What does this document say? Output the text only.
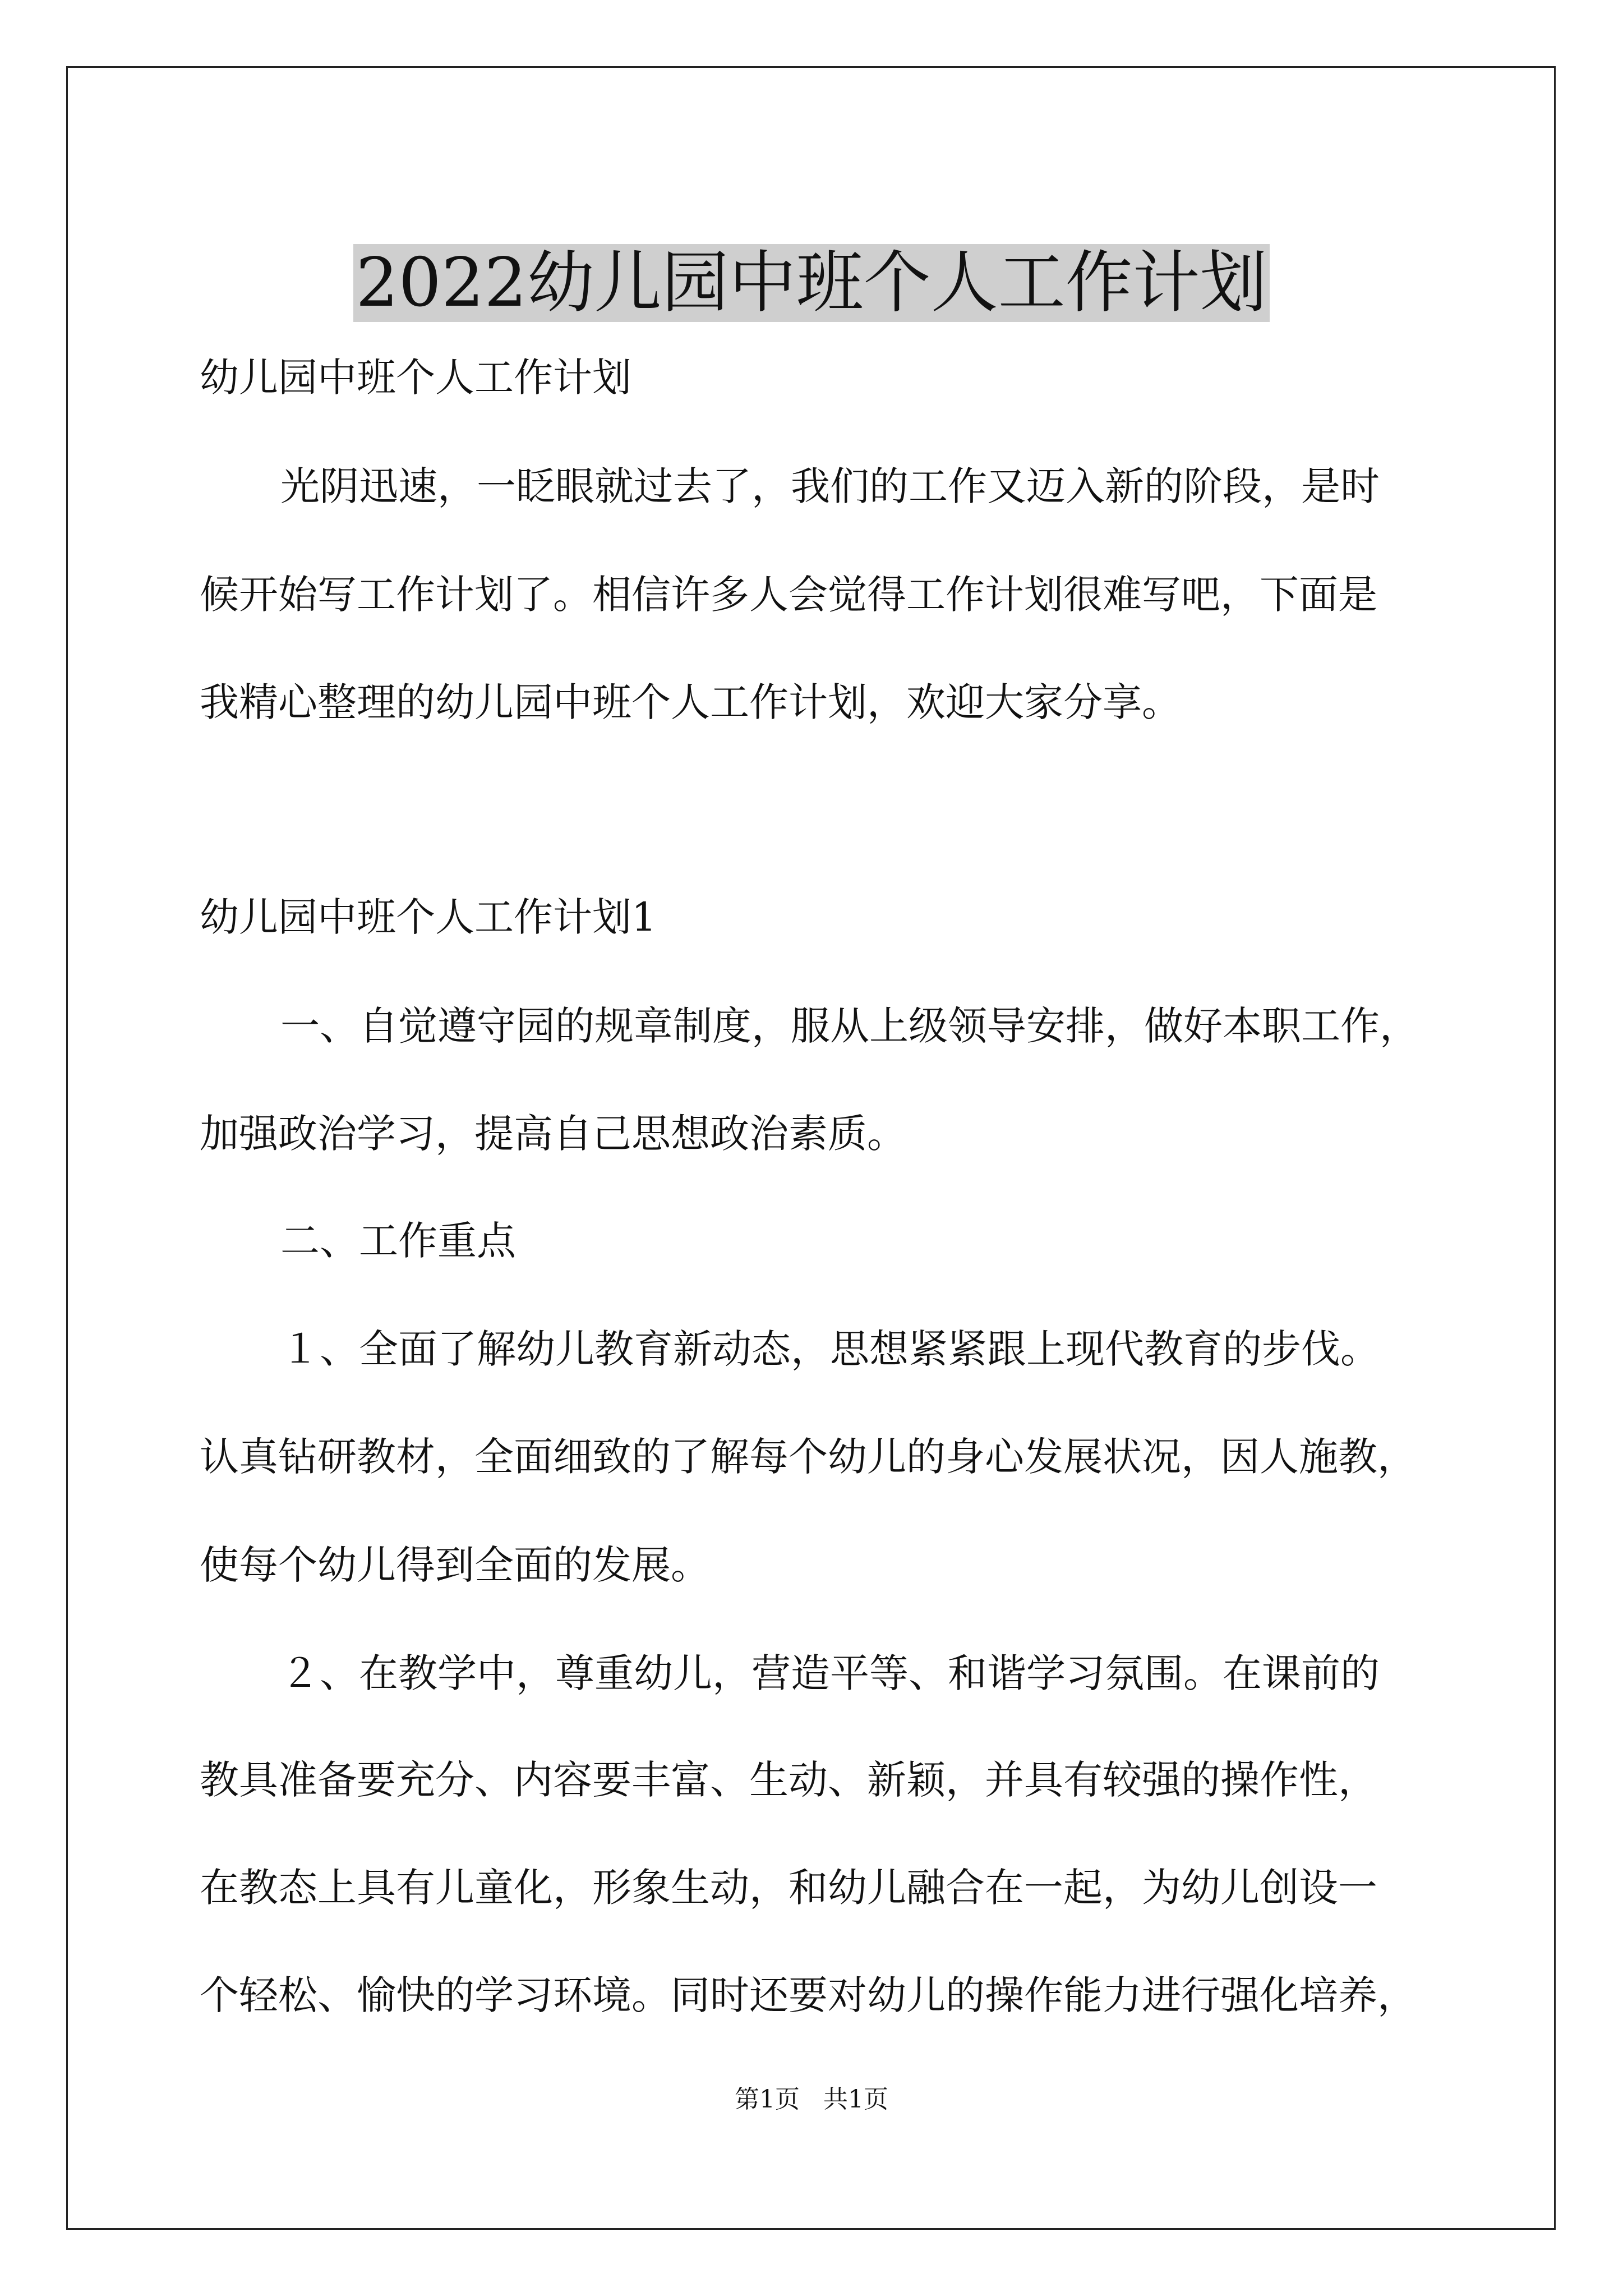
2022幼儿园中班个人工作计划
幼儿园中班个人工作计划
光阴迅速，一眨眼就过去了，我们的工作又迈入新的阶段，是时
候开始写工作计划了。相信许多人会觉得工作计划很难写吧，下面是
我精心整理的幼儿园中班个人工作计划，欢迎大家分享。
幼儿园中班个人工作计划1
一、自觉遵守园的规章制度，服从上级领导安排，做好本职工作，
加强政治学习，提高自己思想政治素质。
二、工作重点
１、全面了解幼儿教育新动态，思想紧紧跟上现代教育的步伐。
认真钻研教材，全面细致的了解每个幼儿的身心发展状况，因人施教，
使每个幼儿得到全面的发展。
２、在教学中，尊重幼儿，营造平等、和谐学习氛围。在课前的
教具准备要充分、内容要丰富、生动、新颖，并具有较强的操作性，
在教态上具有儿童化，形象生动，和幼儿融合在一起，为幼儿创设一
个轻松、愉快的学习环境。同时还要对幼儿的操作能力进行强化培养，
第1页   共1页
